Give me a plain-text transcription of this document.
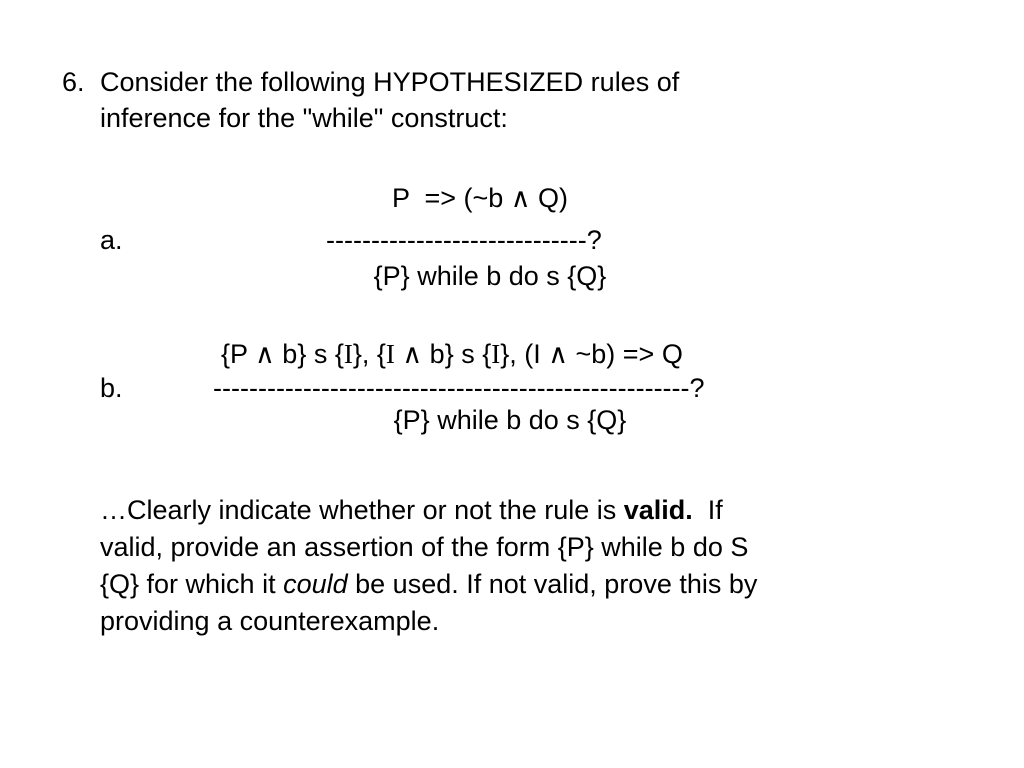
6. Consider the following HYPOTHESIZED rules of
inference for the "while" construct:
P  => (~b ∧ Q)
a.	-----------------------------?
{P} while b do s {Q}
{P ∧ b} s {I}, {I ∧ b} s {I}, (I ∧ ~b) => Q
b.	-----------------------------------------------------?
{P} while b do s {Q}
…Clearly indicate whether or not the rule is valid.  If
valid, provide an assertion of the form {P} while b do S
{Q} for which it could be used. If not valid, prove this by
providing a counterexample.
